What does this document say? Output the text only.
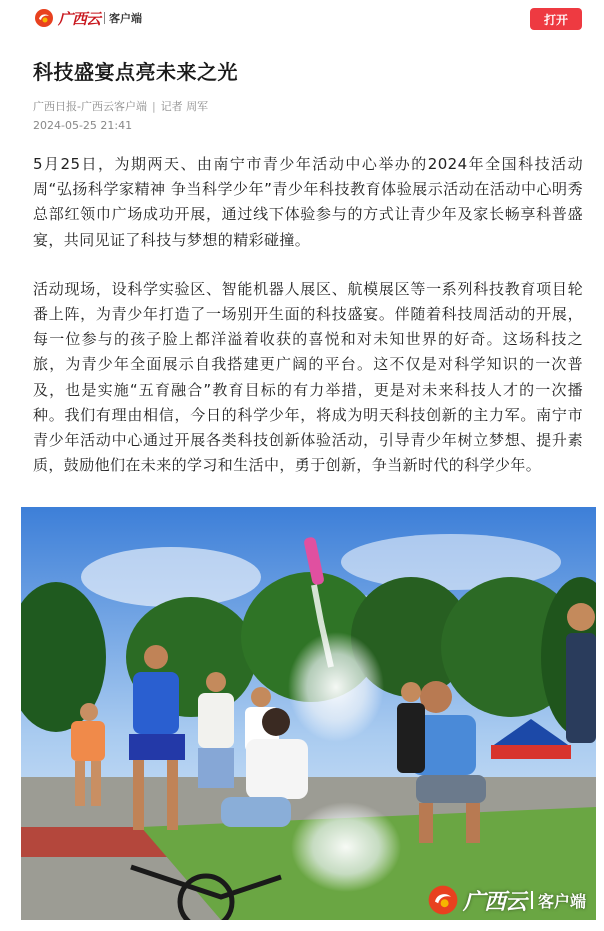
广西云 客户端	打开
科技盛宴点亮未来之光
广西日报-广西云客户端 | 记者 周军
2024-05-25 21:41

5月25日，为期两天、由南宁市青少年活动中心举办的2024年全国科技活动周“弘扬科学家精神 争当科学少年”青少年科技教育体验展示活动在活动中心明秀总部红领巾广场成功开展，通过线下体验参与的方式让青少年及家长畅享科普盛宴，共同见证了科技与梦想的精彩碰撞。

活动现场，设科学实验区、智能机器人展区、航模展区等一系列科技教育项目轮番上阵，为青少年打造了一场别开生面的科技盛宴。伴随着科技周活动的开展，每一位参与的孩子脸上都洋溢着收获的喜悦和对未知世界的好奇。这场科技之旅，为青少年全面展示自我搭建更广阔的平台。这不仅是对科学知识的一次普及，也是实施“五育融合”教育目标的有力举措，更是对未来科技人才的一次播种。我们有理由相信，今日的科学少年，将成为明天科技创新的主力军。南宁市青少年活动中心通过开展各类科技创新体验活动，引导青少年树立梦想、提升素质，鼓励他们在未来的学习和生活中，勇于创新，争当新时代的科学少年。

广西云 客户端
